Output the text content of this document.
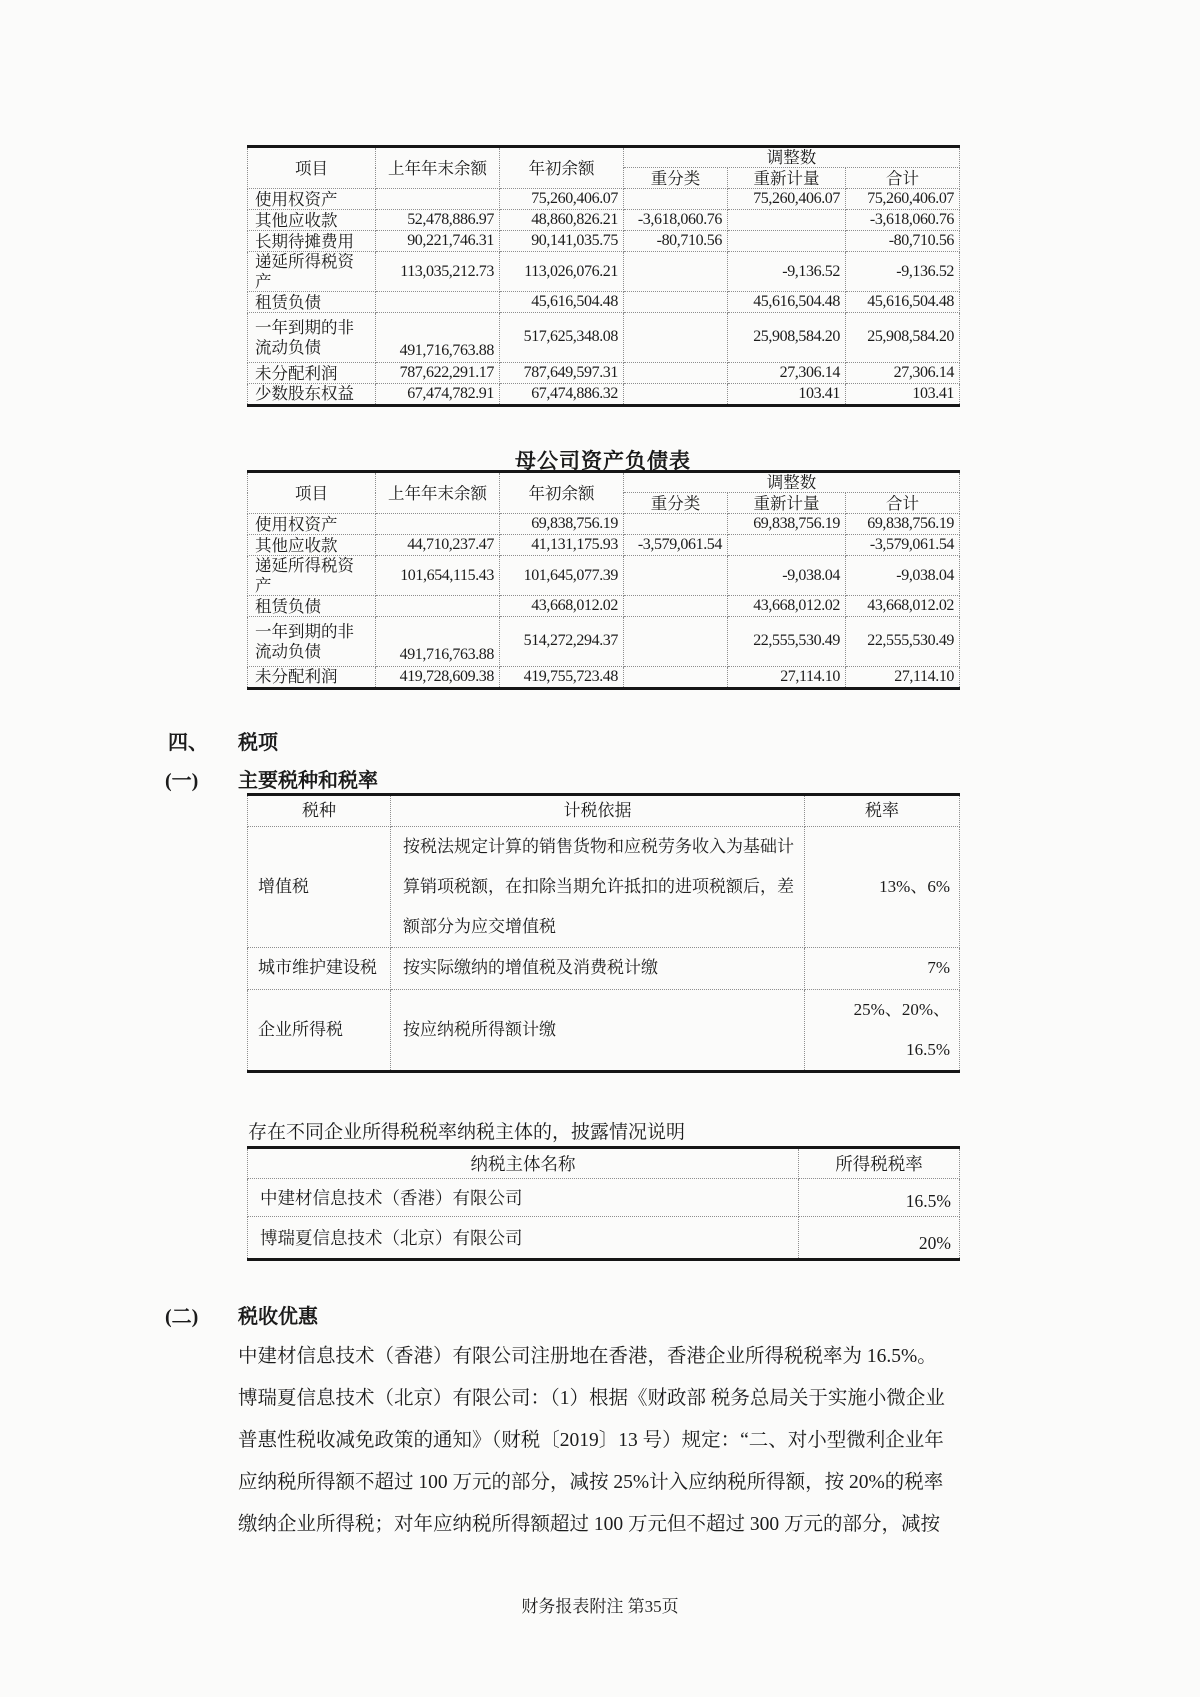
项目	上年年末余额	年初余额	调整数		
			重分类	重新计量	合计
使用权资产		75,260,406.07		75,260,406.07	75,260,406.07
其他应收款	52,478,886.97	48,860,826.21	-3,618,060.76		-3,618,060.76
长期待摊费用	90,221,746.31	90,141,035.75	-80,710.56		-80,710.56
递延所得税资产	113,035,212.73	113,026,076.21		-9,136.52	-9,136.52
租赁负债		45,616,504.48		45,616,504.48	45,616,504.48
一年到期的非流动负债	491,716,763.88	517,625,348.08		25,908,584.20	25,908,584.20
未分配利润	787,622,291.17	787,649,597.31		27,306.14	27,306.14
少数股东权益	67,474,782.91	67,474,886.32		103.41	103.41
母公司资产负债表
项目	上年年末余额	年初余额	调整数		
			重分类	重新计量	合计
使用权资产		69,838,756.19		69,838,756.19	69,838,756.19
其他应收款	44,710,237.47	41,131,175.93	-3,579,061.54		-3,579,061.54
递延所得税资产	101,654,115.43	101,645,077.39		-9,038.04	-9,038.04
租赁负债		43,668,012.02		43,668,012.02	43,668,012.02
一年到期的非流动负债	491,716,763.88	514,272,294.37		22,555,530.49	22,555,530.49
未分配利润	419,728,609.38	419,755,723.48		27,114.10	27,114.10
四、 税项
(一) 主要税种和税率
税种	计税依据	税率
增值税	按税法规定计算的销售货物和应税劳务收入为基础计算销项税额，在扣除当期允许抵扣的进项税额后，差额部分为应交增值税	13%、6%
城市维护建设税	按实际缴纳的增值税及消费税计缴	7%
企业所得税	按应纳税所得额计缴	25%、20%、16.5%
存在不同企业所得税税率纳税主体的，披露情况说明
纳税主体名称	所得税税率
中建材信息技术（香港）有限公司	16.5%
博瑞夏信息技术（北京）有限公司	20%
(二) 税收优惠
中建材信息技术（香港）有限公司注册地在香港，香港企业所得税税率为 16.5%。
博瑞夏信息技术（北京）有限公司：（1）根据《财政部 税务总局关于实施小微企业
普惠性税收减免政策的通知》（财税〔2019〕13 号）规定：“二、对小型微利企业年
应纳税所得额不超过 100 万元的部分，减按 25%计入应纳税所得额，按 20%的税率
缴纳企业所得税；对年应纳税所得额超过 100 万元但不超过 300 万元的部分，减按
财务报表附注 第35页
